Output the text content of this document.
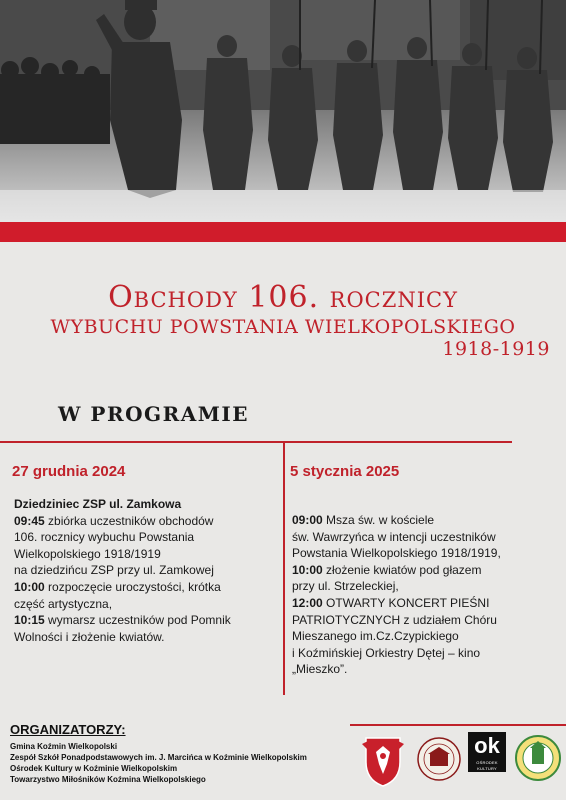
Obchody 106. rocznicy
WYBUCHU POWSTANIA WIELKOPOLSKIEGO
1918-1919
W PROGRAMIE
27 grudnia 2024
Dziedziniec ZSP ul. Zamkowa
09:45 zbiórka uczestników obchodów
106. rocznicy wybuchu Powstania
Wielkopolskiego 1918/1919
na dziedzińcu ZSP przy ul. Zamkowej
10:00 rozpoczęcie uroczystości, krótka
część artystyczna,
10:15 wymarsz uczestników pod Pomnik
Wolności i złożenie kwiatów.
5 stycznia 2025
09:00 Msza św. w kościele
św. Wawrzyńca w intencji uczestników
Powstania Wielkopolskiego 1918/1919,
10:00 złożenie kwiatów pod głazem
przy ul. Strzeleckiej,
12:00 OTWARTY KONCERT PIEŚNI
PATRIOTYCZNYCH z udziałem Chóru
Mieszanego im.Cz.Czypickiego
i Koźmińskiej Orkiestry Dętej – kino
„Mieszko”.
ORGANIZATORZY:
Gmina Koźmin Wielkopolski
Zespół Szkół Ponadpodstawowych im. J. Marcińca w Koźminie Wielkopolskim
Ośrodek Kultury w Koźminie Wielkopolskim
Towarzystwo Miłośników Koźmina Wielkopolskiego
ok
OŚRODEK KULTURY
